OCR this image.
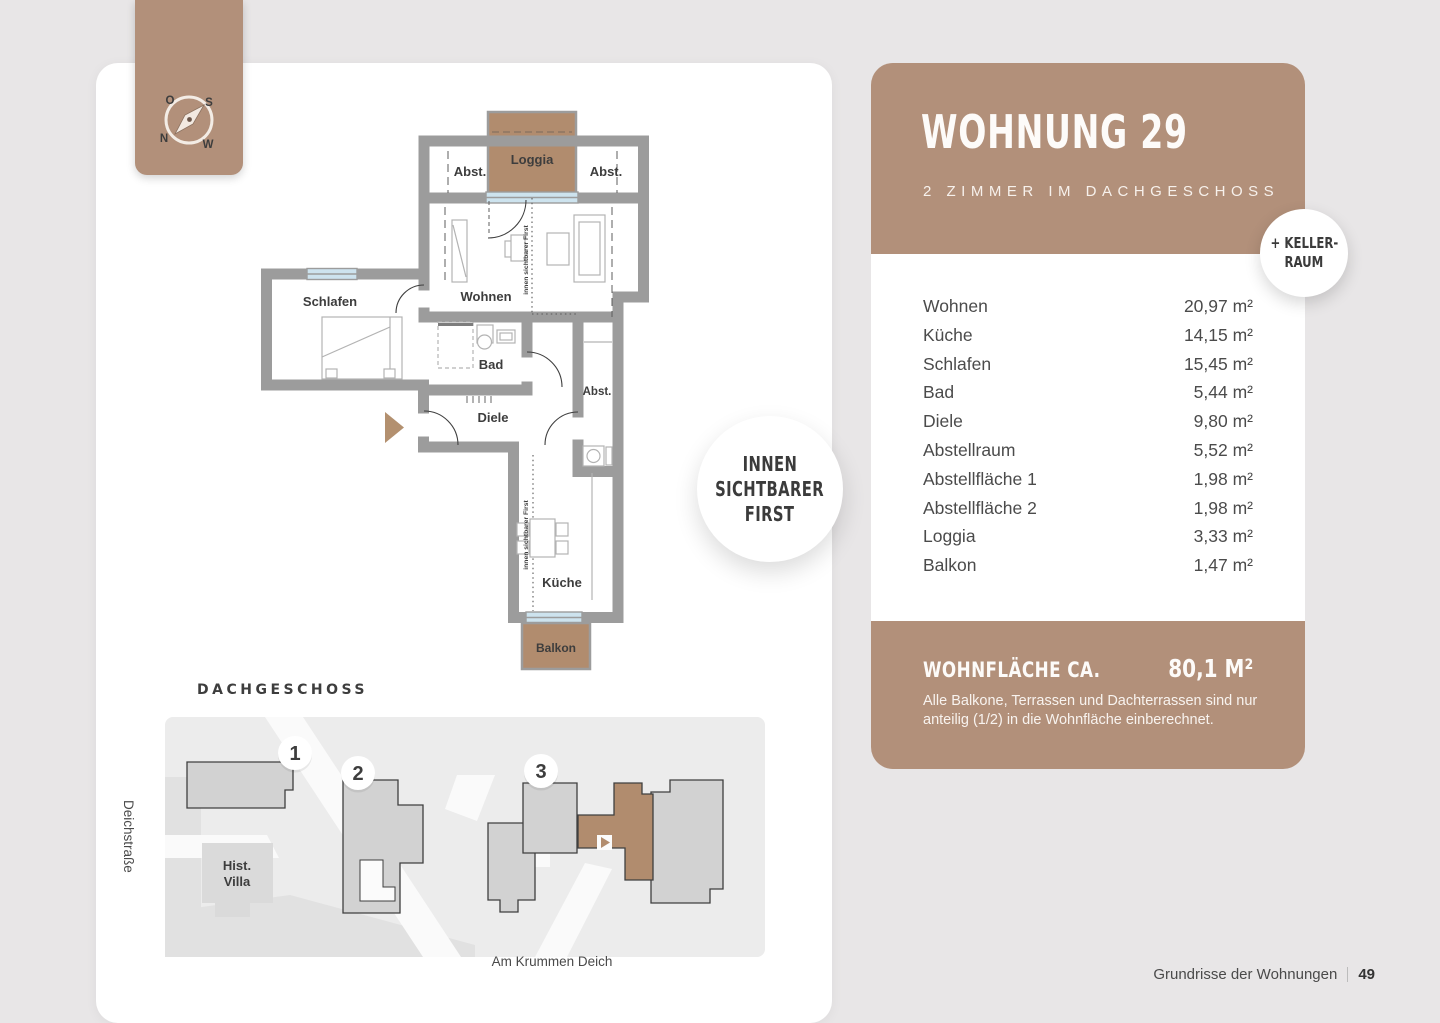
Abst.
Loggia
Abst.
Wohnen
Schlafen
Bad
Diele
Abst.
Küche
Balkon
innen sichtbarer First
innen sichtbarer First
INNEN
SICHTBARER
FIRST
DACHGESCHOSS
Deichstraße	Hist.
Villa
1
2	3
Am Krummen Deich
O	S
N	W	WOHNUNG 29
2 ZIMMER IM DACHGESCHOSS
Wohnen	20,97 m²
Küche	14,15 m²
Schlafen	15,45 m²
Bad	5,44 m²
Diele	9,80 m²
Abstellraum	5,52 m²
Abstellfläche 1	1,98 m²
Abstellfläche 2	1,98 m²
Loggia	3,33 m²
Balkon	1,47 m²
WOHNFLÄCHE CA.	80,1 M²
Alle Balkone, Terrassen und Dachterrassen sind nur anteilig (1/2) in die Wohnfläche einberechnet.
+ KELLER-
RAUM
Grundrisse der Wohnungen 49
